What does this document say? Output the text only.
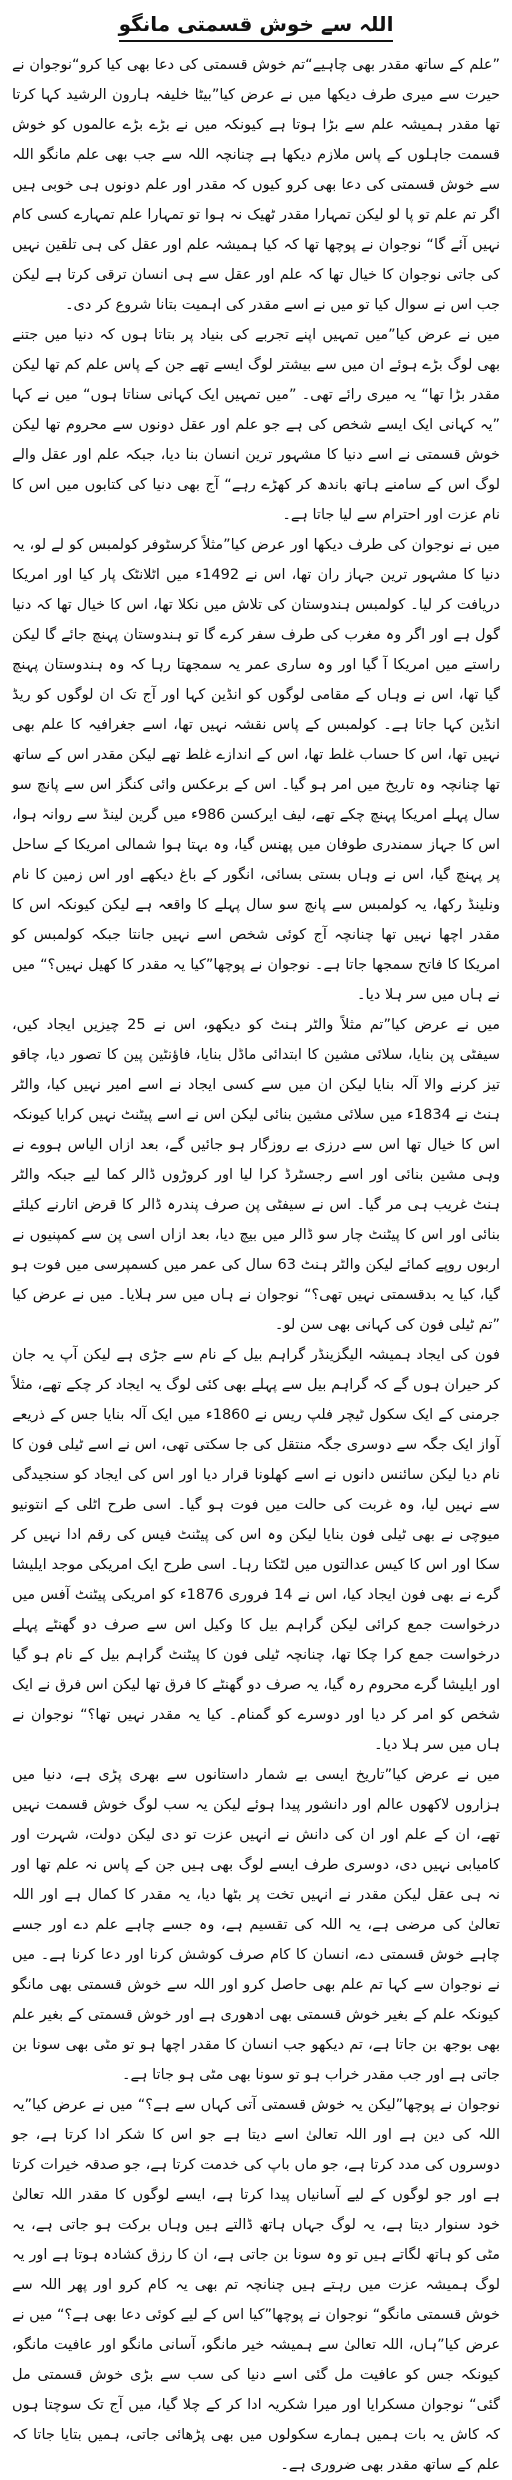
اللہ سے خوش قسمتی مانگو

”علم کے ساتھ مقدر بھی چاہیے“تم خوش قسمتی کی دعا بھی کیا کرو“نوجوان نے حیرت سے میری طرف دیکھا میں نے عرض کیا”بیٹا خلیفہ ہارون الرشید کہا کرتا تھا مقدر ہمیشہ علم سے بڑا ہوتا ہے کیونکہ میں نے بڑے بڑے عالموں کو خوش قسمت جاہلوں کے پاس ملازم دیکھا ہے چنانچہ اللہ سے جب بھی علم مانگو اللہ سے خوش قسمتی کی دعا بھی کرو کیوں کہ مقدر اور علم دونوں ہی خوبی ہیں اگر تم علم تو پا لو لیکن تمہارا مقدر ٹھیک نہ ہوا تو تمہارا علم تمہارے کسی کام نہیں آئے گا“ نوجوان نے پوچھا تھا کہ کیا ہمیشہ علم اور عقل کی ہی تلقین نہیں کی جاتی نوجوان کا خیال تھا کہ علم اور عقل سے ہی انسان ترقی کرتا ہے لیکن جب اس نے سوال کیا تو میں نے اسے مقدر کی اہمیت بتانا شروع کر دی۔

میں نے عرض کیا”میں تمہیں اپنے تجربے کی بنیاد پر بتاتا ہوں کہ دنیا میں جتنے بھی لوگ بڑے ہوئے ان میں سے بیشتر لوگ ایسے تھے جن کے پاس علم کم تھا لیکن مقدر بڑا تھا“ یہ میری رائے تھی۔ ”میں تمہیں ایک کہانی سناتا ہوں“ میں نے کہا ”یہ کہانی ایک ایسے شخص کی ہے جو علم اور عقل دونوں سے محروم تھا لیکن خوش قسمتی نے اسے دنیا کا مشہور ترین انسان بنا دیا، جبکہ علم اور عقل والے لوگ اس کے سامنے ہاتھ باندھ کر کھڑے رہے“ آج بھی دنیا کی کتابوں میں اس کا نام عزت اور احترام سے لیا جاتا ہے۔

میں نے نوجوان کی طرف دیکھا اور عرض کیا”مثلاً کرسٹوفر کولمبس کو لے لو، یہ دنیا کا مشہور ترین جہاز ران تھا، اس نے 1492ء میں اٹلانٹک پار کیا اور امریکا دریافت کر لیا۔ کولمبس ہندوستان کی تلاش میں نکلا تھا، اس کا خیال تھا کہ دنیا گول ہے اور اگر وہ مغرب کی طرف سفر کرے گا تو ہندوستان پہنچ جائے گا لیکن راستے میں امریکا آ گیا اور وہ ساری عمر یہ سمجھتا رہا کہ وہ ہندوستان پہنچ گیا تھا، اس نے وہاں کے مقامی لوگوں کو انڈین کہا اور آج تک ان لوگوں کو ریڈ انڈین کہا جاتا ہے۔ کولمبس کے پاس نقشہ نہیں تھا، اسے جغرافیہ کا علم بھی نہیں تھا، اس کا حساب غلط تھا، اس کے اندازے غلط تھے لیکن مقدر اس کے ساتھ تھا چنانچہ وہ تاریخ میں امر ہو گیا۔ اس کے برعکس وائی کنگز اس سے پانچ سو سال پہلے امریکا پہنچ چکے تھے، لیف ایرکسن 986ء میں گرین لینڈ سے روانہ ہوا، اس کا جہاز سمندری طوفان میں پھنس گیا، وہ بہتا ہوا شمالی امریکا کے ساحل پر پہنچ گیا، اس نے وہاں بستی بسائی، انگور کے باغ دیکھے اور اس زمین کا نام ونلینڈ رکھا، یہ کولمبس سے پانچ سو سال پہلے کا واقعہ ہے لیکن کیونکہ اس کا مقدر اچھا نہیں تھا چنانچہ آج کوئی شخص اسے نہیں جانتا جبکہ کولمبس کو امریکا کا فاتح سمجھا جاتا ہے۔ نوجوان نے پوچھا”کیا یہ مقدر کا کھیل نہیں؟“ میں نے ہاں میں سر ہلا دیا۔

میں نے عرض کیا”تم مثلاً والٹر ہنٹ کو دیکھو، اس نے 25 چیزیں ایجاد کیں، سیفٹی پن بنایا، سلائی مشین کا ابتدائی ماڈل بنایا، فاؤنٹین پین کا تصور دیا، چاقو تیز کرنے والا آلہ بنایا لیکن ان میں سے کسی ایجاد نے اسے امیر نہیں کیا، والٹر ہنٹ نے 1834ء میں سلائی مشین بنائی لیکن اس نے اسے پیٹنٹ نہیں کرایا کیونکہ اس کا خیال تھا اس سے درزی بے روزگار ہو جائیں گے، بعد ازاں الیاس ہووے نے وہی مشین بنائی اور اسے رجسٹرڈ کرا لیا اور کروڑوں ڈالر کما لیے جبکہ والٹر ہنٹ غریب ہی مر گیا۔ اس نے سیفٹی پن صرف پندرہ ڈالر کا قرض اتارنے کیلئے بنائی اور اس کا پیٹنٹ چار سو ڈالر میں بیچ دیا، بعد ازاں اسی پن سے کمپنیوں نے اربوں روپے کمائے لیکن والٹر ہنٹ 63 سال کی عمر میں کسمپرسی میں فوت ہو گیا، کیا یہ بدقسمتی نہیں تھی؟“ نوجوان نے ہاں میں سر ہلایا۔ میں نے عرض کیا ”تم ٹیلی فون کی کہانی بھی سن لو۔

فون کی ایجاد ہمیشہ الیگزینڈر گراہم بیل کے نام سے جڑی ہے لیکن آپ یہ جان کر حیران ہوں گے کہ گراہم بیل سے پہلے بھی کئی لوگ یہ ایجاد کر چکے تھے، مثلاً جرمنی کے ایک سکول ٹیچر فلپ ریس نے 1860ء میں ایک آلہ بنایا جس کے ذریعے آواز ایک جگہ سے دوسری جگہ منتقل کی جا سکتی تھی، اس نے اسے ٹیلی فون کا نام دیا لیکن سائنس دانوں نے اسے کھلونا قرار دیا اور اس کی ایجاد کو سنجیدگی سے نہیں لیا، وہ غربت کی حالت میں فوت ہو گیا۔ اسی طرح اٹلی کے انتونیو میوچی نے بھی ٹیلی فون بنایا لیکن وہ اس کی پیٹنٹ فیس کی رقم ادا نہیں کر سکا اور اس کا کیس عدالتوں میں لٹکتا رہا۔ اسی طرح ایک امریکی موجد ایلیشا گرے نے بھی فون ایجاد کیا، اس نے 14 فروری 1876ء کو امریکی پیٹنٹ آفس میں درخواست جمع کرائی لیکن گراہم بیل کا وکیل اس سے صرف دو گھنٹے پہلے درخواست جمع کرا چکا تھا، چنانچہ ٹیلی فون کا پیٹنٹ گراہم بیل کے نام ہو گیا اور ایلیشا گرے محروم رہ گیا، یہ صرف دو گھنٹے کا فرق تھا لیکن اس فرق نے ایک شخص کو امر کر دیا اور دوسرے کو گمنام۔ کیا یہ مقدر نہیں تھا؟“ نوجوان نے ہاں میں سر ہلا دیا۔

میں نے عرض کیا”تاریخ ایسی بے شمار داستانوں سے بھری پڑی ہے، دنیا میں ہزاروں لاکھوں عالم اور دانشور پیدا ہوئے لیکن یہ سب لوگ خوش قسمت نہیں تھے، ان کے علم اور ان کی دانش نے انہیں عزت تو دی لیکن دولت، شہرت اور کامیابی نہیں دی، دوسری طرف ایسے لوگ بھی ہیں جن کے پاس نہ علم تھا اور نہ ہی عقل لیکن مقدر نے انہیں تخت پر بٹھا دیا، یہ مقدر کا کمال ہے اور اللہ تعالیٰ کی مرضی ہے، یہ اللہ کی تقسیم ہے، وہ جسے چاہے علم دے اور جسے چاہے خوش قسمتی دے، انسان کا کام صرف کوشش کرنا اور دعا کرنا ہے۔ میں نے نوجوان سے کہا تم علم بھی حاصل کرو اور اللہ سے خوش قسمتی بھی مانگو کیونکہ علم کے بغیر خوش قسمتی بھی ادھوری ہے اور خوش قسمتی کے بغیر علم بھی بوجھ بن جاتا ہے، تم دیکھو جب انسان کا مقدر اچھا ہو تو مٹی بھی سونا بن جاتی ہے اور جب مقدر خراب ہو تو سونا بھی مٹی ہو جاتا ہے۔

نوجوان نے پوچھا”لیکن یہ خوش قسمتی آتی کہاں سے ہے؟“ میں نے عرض کیا”یہ اللہ کی دین ہے اور اللہ تعالیٰ اسے دیتا ہے جو اس کا شکر ادا کرتا ہے، جو دوسروں کی مدد کرتا ہے، جو ماں باپ کی خدمت کرتا ہے، جو صدقہ خیرات کرتا ہے اور جو لوگوں کے لیے آسانیاں پیدا کرتا ہے، ایسے لوگوں کا مقدر اللہ تعالیٰ خود سنوار دیتا ہے، یہ لوگ جہاں ہاتھ ڈالتے ہیں وہاں برکت ہو جاتی ہے، یہ مٹی کو ہاتھ لگاتے ہیں تو وہ سونا بن جاتی ہے، ان کا رزق کشادہ ہوتا ہے اور یہ لوگ ہمیشہ عزت میں رہتے ہیں چنانچہ تم بھی یہ کام کرو اور پھر اللہ سے خوش قسمتی مانگو“ نوجوان نے پوچھا”کیا اس کے لیے کوئی دعا بھی ہے؟“ میں نے عرض کیا”ہاں، اللہ تعالیٰ سے ہمیشہ خیر مانگو، آسانی مانگو اور عافیت مانگو، کیونکہ جس کو عافیت مل گئی اسے دنیا کی سب سے بڑی خوش قسمتی مل گئی“ نوجوان مسکرایا اور میرا شکریہ ادا کر کے چلا گیا، میں آج تک سوچتا ہوں کہ کاش یہ بات ہمیں ہمارے سکولوں میں بھی پڑھائی جاتی، ہمیں بتایا جاتا کہ علم کے ساتھ مقدر بھی ضروری ہے۔
